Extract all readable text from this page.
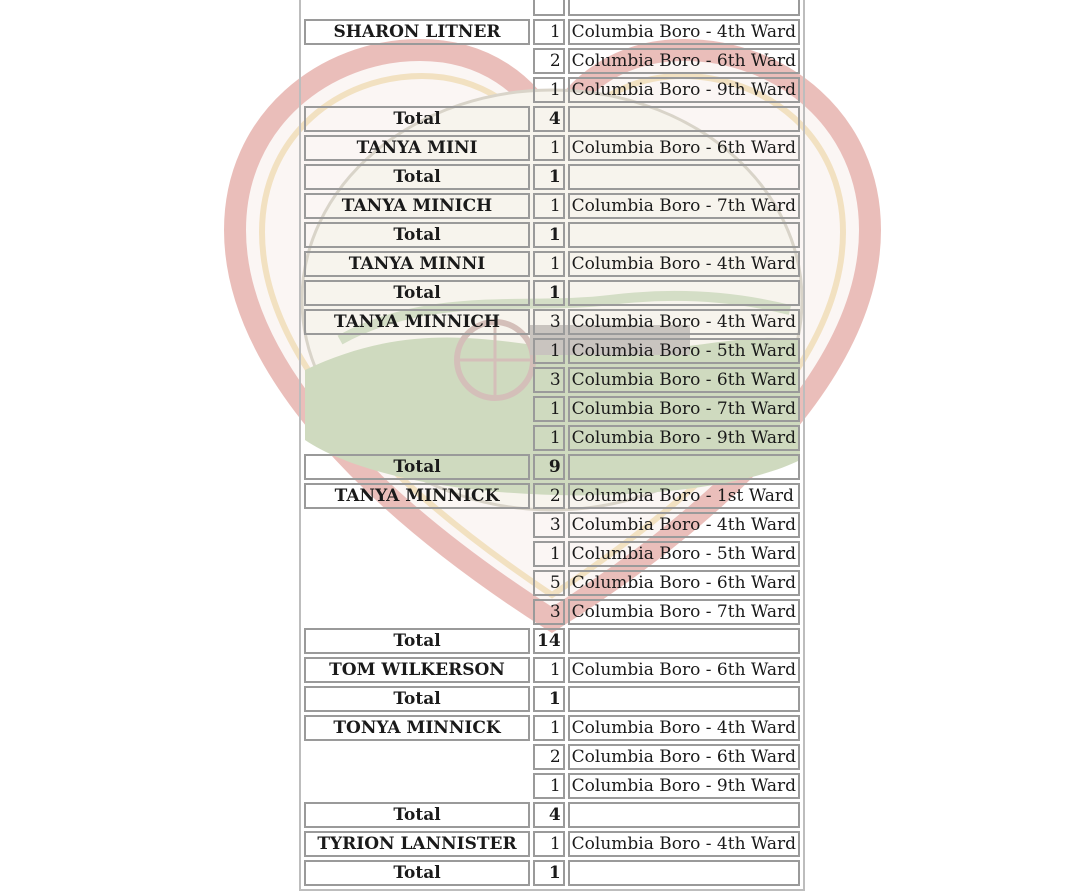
SHARON LITNER	1	Columbia Boro - 4th Ward
	2	Columbia Boro - 6th Ward
	1	Columbia Boro - 9th Ward
Total	4	
TANYA MINI	1	Columbia Boro - 6th Ward
Total	1	
TANYA MINICH	1	Columbia Boro - 7th Ward
Total	1	
TANYA MINNI	1	Columbia Boro - 4th Ward
Total	1	
TANYA MINNICH	3	Columbia Boro - 4th Ward
	1	Columbia Boro - 5th Ward
	3	Columbia Boro - 6th Ward
	1	Columbia Boro - 7th Ward
	1	Columbia Boro - 9th Ward
Total	9	
TANYA MINNICK	2	Columbia Boro - 1st Ward
	3	Columbia Boro - 4th Ward
	1	Columbia Boro - 5th Ward
	5	Columbia Boro - 6th Ward
	3	Columbia Boro - 7th Ward
Total	14	
TOM WILKERSON	1	Columbia Boro - 6th Ward
Total	1	
TONYA MINNICK	1	Columbia Boro - 4th Ward
	2	Columbia Boro - 6th Ward
	1	Columbia Boro - 9th Ward
Total	4	
TYRION LANNISTER	1	Columbia Boro - 4th Ward
Total	1	
